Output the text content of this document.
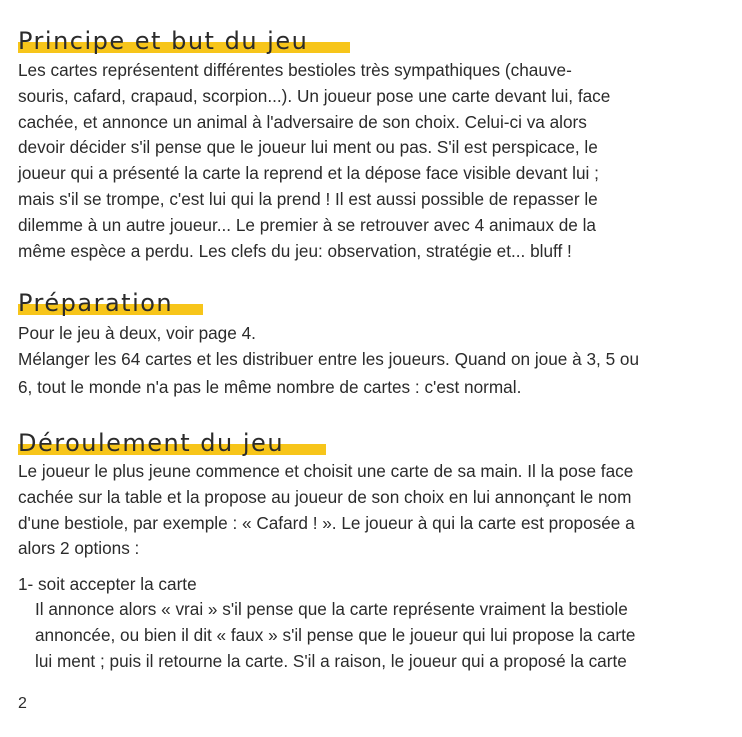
Principe et but du jeu

Les cartes représentent différentes bestioles très sympathiques (chauve-
souris, cafard, crapaud, scorpion...). Un joueur pose une carte devant lui, face
cachée, et annonce un animal à l'adversaire de son choix. Celui-ci va alors
devoir décider s'il pense que le joueur lui ment ou pas. S'il est perspicace, le
joueur qui a présenté la carte la reprend et la dépose face visible devant lui ;
mais s'il se trompe, c'est lui qui la prend ! Il est aussi possible de repasser le
dilemme à un autre joueur... Le premier à se retrouver avec 4 animaux de la
même espèce a perdu. Les clefs du jeu: observation, stratégie et... bluff !

Préparation

Pour le jeu à deux, voir page 4.
Mélanger les 64 cartes et les distribuer entre les joueurs. Quand on joue à 3, 5 ou
6, tout le monde n'a pas le même nombre de cartes : c'est normal.

Déroulement du jeu

Le joueur le plus jeune commence et choisit une carte de sa main. Il la pose face
cachée sur la table et la propose au joueur de son choix en lui annonçant le nom
d'une bestiole, par exemple : « Cafard ! ». Le joueur à qui la carte est proposée a
alors 2 options :

1- soit accepter la carte

Il annonce alors « vrai » s'il pense que la carte représente vraiment la bestiole
annoncée, ou bien il dit « faux » s'il pense que le joueur qui lui propose la carte
lui ment ; puis il retourne la carte. S'il a raison, le joueur qui a proposé la carte

2
